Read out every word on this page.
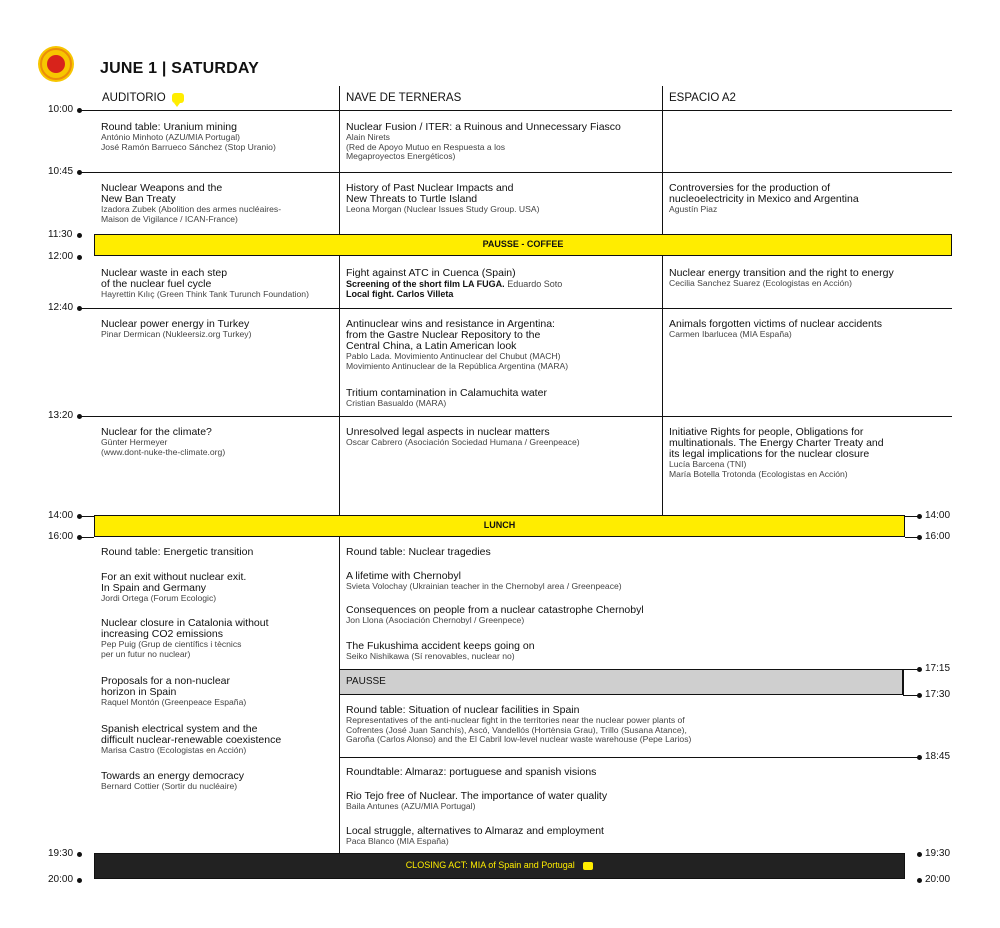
JUNE 1 | SATURDAY
AUDITORIO	NAVE DE TERNERAS	ESPACIO A2
10:00
10:45
11:30
12:00
12:40
13:20
14:00
16:00
19:30
20:00
14:00
16:00
17:15
17:30
18:45
19:30
20:00
PAUSSE - COFFEE
LUNCH
PAUSSE
CLOSING ACT: MIA of Spain and Portugal
Round table: Uranium mining
António Minhoto (AZU/MIA Portugal)
José Ramón Barrueco Sánchez (Stop Uranio)
Nuclear Fusion / ITER: a Ruinous and Unnecessary Fiasco
Alain Nirets
(Red de Apoyo Mutuo en Respuesta a los
Megaproyectos Energéticos)
Nuclear Weapons and the
New Ban Treaty
Izadora Zubek (Abolition des armes nucléaires-
Maison de Vigilance / ICAN-France)
History of Past Nuclear Impacts and
New Threats to Turtle Island
Leona Morgan (Nuclear Issues Study Group. USA)
Controversies for the production of
nucleoelectricity in Mexico and Argentina
Agustín Piaz
Nuclear waste in each step
of the nuclear fuel cycle
Hayrettin Kılıç (Green Think Tank Turunch Foundation)
Fight against ATC in Cuenca (Spain)
Screening of the short film LA FUGA. Eduardo Soto
Local fight. Carlos Villeta
Nuclear energy transition and the right to energy
Cecilia Sanchez Suarez (Ecologistas en Acción)
Nuclear power energy in Turkey
Pinar Dermican (Nukleersiz.org Turkey)
Antinuclear wins and resistance in Argentina:
from the Gastre Nuclear Repository to the
Central China, a Latin American look
Pablo Lada. Movimiento Antinuclear del Chubut (MACH)
Movimiento Antinuclear de la República Argentina (MARA)
Tritium contamination in Calamuchita water
Cristian Basualdo (MARA)
Animals forgotten victims of nuclear accidents
Carmen Ibarlucea (MIA España)
Nuclear for the climate?
Günter Hermeyer
(www.dont-nuke-the-climate.org)
Unresolved legal aspects in nuclear matters
Oscar Cabrero (Asociación Sociedad Humana / Greenpeace)
Initiative Rights for people, Obligations for
multinationals. The Energy Charter Treaty and
its legal implications for the nuclear closure
Lucía Barcena (TNI)
María Botella Trotonda (Ecologistas en Acción)
Round table: Energetic transition
For an exit without nuclear exit.
In Spain and Germany
Jordi Ortega (Forum Ecologic)
Nuclear closure in Catalonia without
increasing CO2 emissions
Pep Puig (Grup de científics i tècnics
per un futur no nuclear)
Proposals for a non-nuclear
horizon in Spain
Raquel Montón (Greenpeace España)
Spanish electrical system and the
difficult nuclear-renewable coexistence
Marisa Castro (Ecologistas en Acción)
Towards an energy democracy
Bernard Cottier (Sortir du nucléaire)
Round table: Nuclear tragedies
A lifetime with Chernobyl
Svieta Volochay (Ukrainian teacher in the Chernobyl area / Greenpeace)
Consequences on people from a nuclear catastrophe Chernobyl
Jon Llona (Asociación Chernobyl / Greenpece)
The Fukushima accident keeps going on
Seiko Nishikawa (Sí renovables, nuclear no)
Round table: Situation of nuclear facilities in Spain
Representatives of the anti-nuclear fight in the territories near the nuclear power plants of
Cofrentes (José Juan Sanchís), Ascó, Vandellós (Hortènsia Grau), Trillo (Susana Atance),
Garoña (Carlos Alonso) and the El Cabril low-level nuclear waste warehouse (Pepe Larios)
Roundtable: Almaraz: portuguese and spanish visions
Rio Tejo free of Nuclear. The importance of water quality
Baila Antunes (AZU/MIA Portugal)
Local struggle, alternatives to Almaraz and employment
Paca Blanco (MIA España)
